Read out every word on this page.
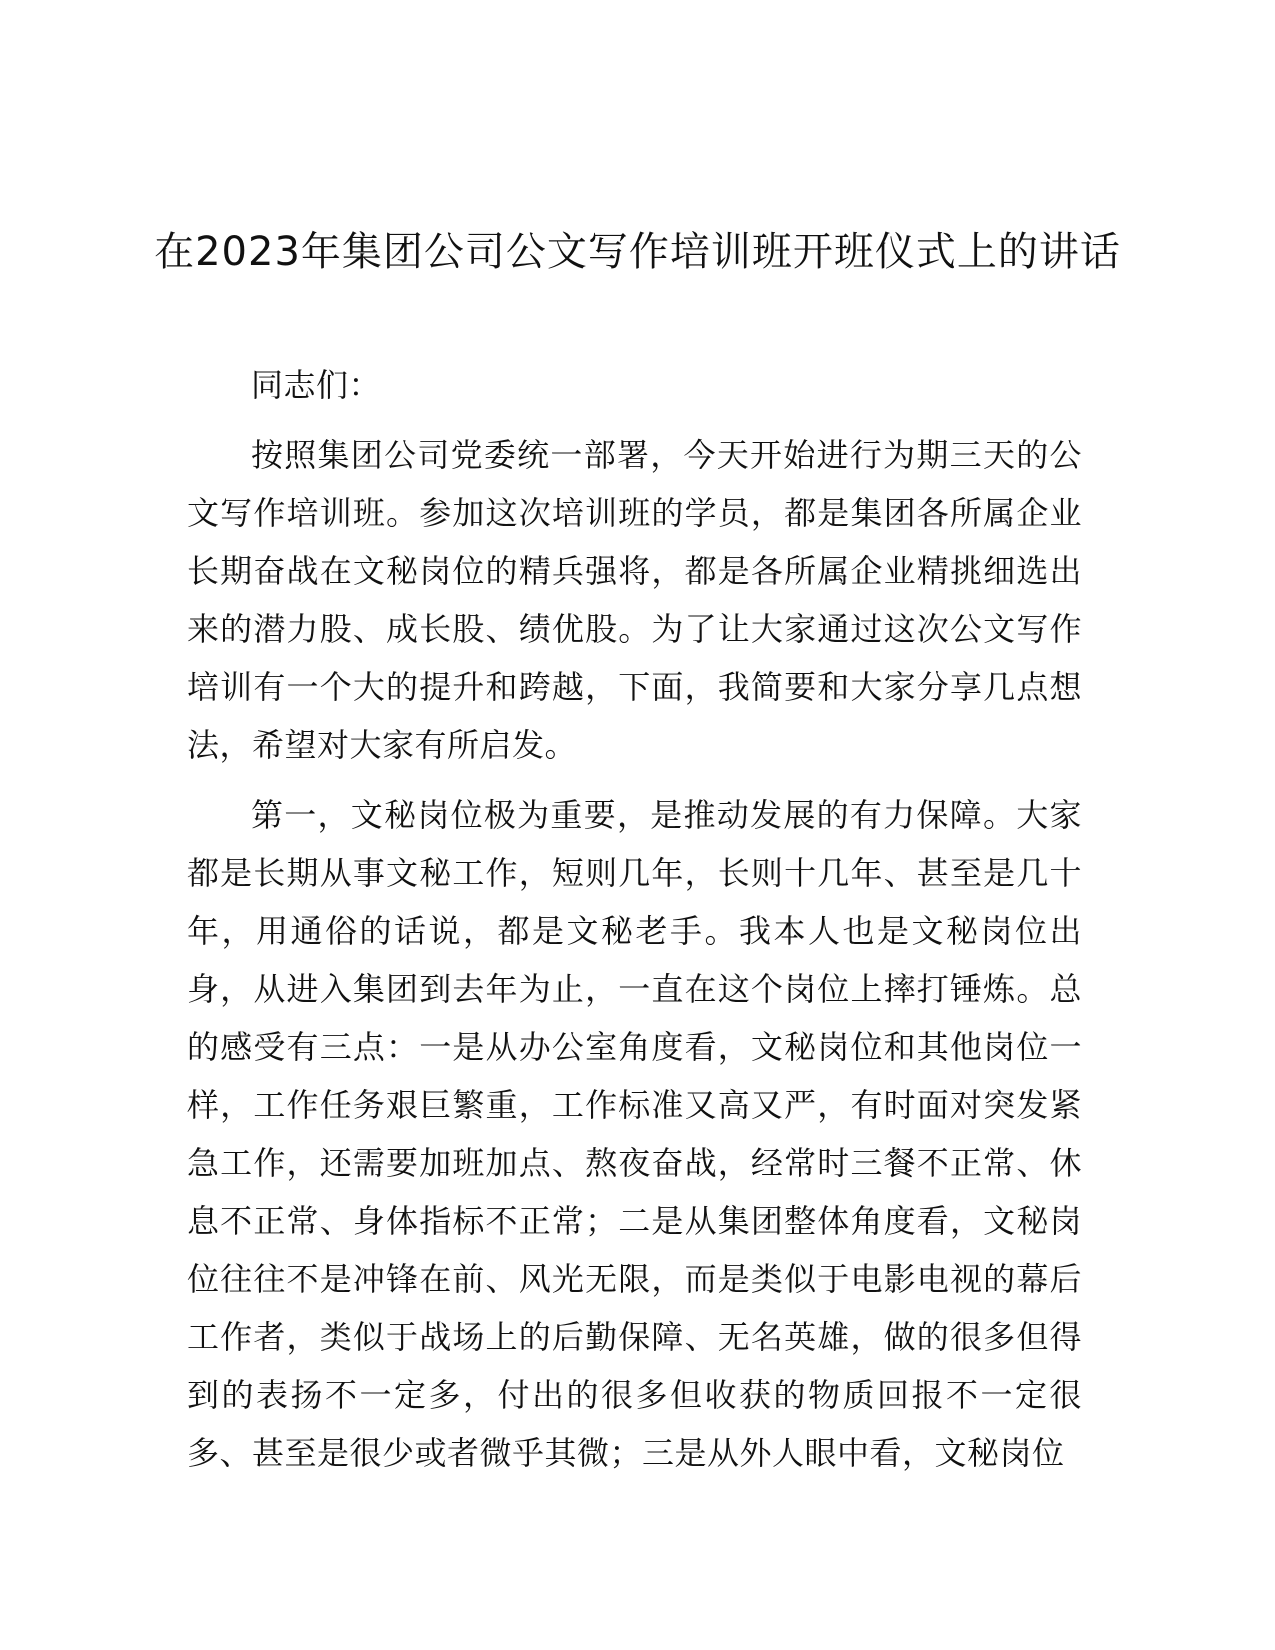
在2023年集团公司公文写作培训班开班仪式上的讲话

同志们：

按照集团公司党委统一部署，今天开始进行为期三天的公文写作培训班。参加这次培训班的学员，都是集团各所属企业长期奋战在文秘岗位的精兵强将，都是各所属企业精挑细选出来的潜力股、成长股、绩优股。为了让大家通过这次公文写作培训有一个大的提升和跨越，下面，我简要和大家分享几点想法，希望对大家有所启发。

第一，文秘岗位极为重要，是推动发展的有力保障。大家都是长期从事文秘工作，短则几年，长则十几年、甚至是几十年，用通俗的话说，都是文秘老手。我本人也是文秘岗位出身，从进入集团到去年为止，一直在这个岗位上摔打锤炼。总的感受有三点：一是从办公室角度看，文秘岗位和其他岗位一样，工作任务艰巨繁重，工作标准又高又严，有时面对突发紧急工作，还需要加班加点、熬夜奋战，经常时三餐不正常、休息不正常、身体指标不正常；二是从集团整体角度看，文秘岗位往往不是冲锋在前、风光无限，而是类似于电影电视的幕后工作者，类似于战场上的后勤保障、无名英雄，做的很多但得到的表扬不一定多，付出的很多但收获的物质回报不一定很多、甚至是很少或者微乎其微；三是从外人眼中看，文秘岗位
